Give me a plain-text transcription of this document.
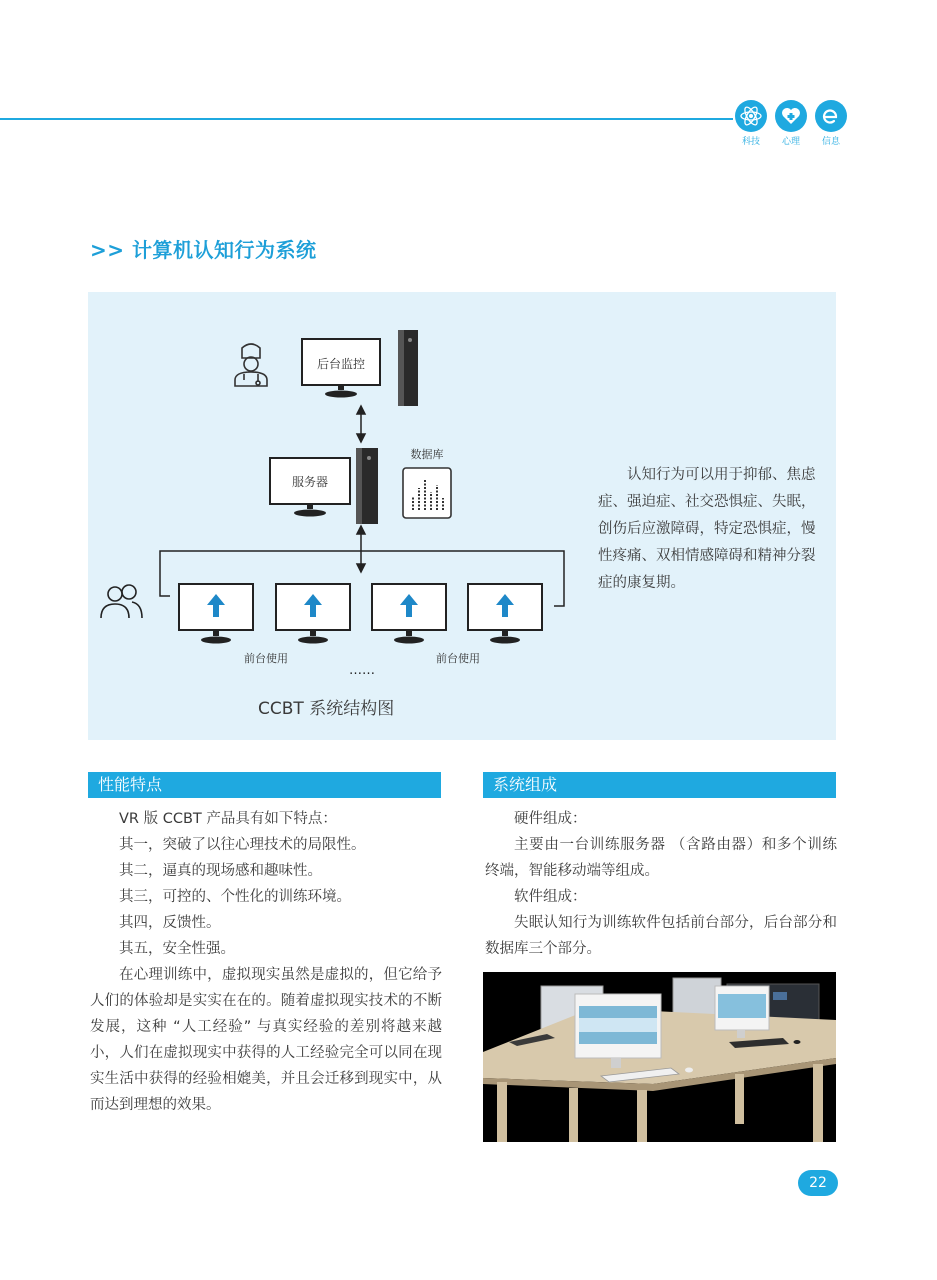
科技 心理 信息
>> 计算机认知行为系统
后台监控
服务器
数据库
前台使用	前台使用
……
CCBT 系统结构图
认知行为可以用于抑郁、焦虑症、强迫症、社交恐惧症、失眠，创伤后应激障碍，特定恐惧症，慢性疼痛、双相情感障碍和精神分裂症的康复期。
性能特点

VR 版 CCBT 产品具有如下特点：

其一，突破了以往心理技术的局限性。

其二，逼真的现场感和趣味性。

其三，可控的、个性化的训练环境。

其四，反馈性。

其五，安全性强。

在心理训练中，虚拟现实虽然是虚拟的，但它给予人们的体验却是实实在在的。随着虚拟现实技术的不断发展，这种 “人工经验” 与真实经验的差别将越来越小，人们在虚拟现实中获得的人工经验完全可以同在现实生活中获得的经验相媲美，并且会迁移到现实中，从而达到理想的效果。

系统组成

硬件组成：

主要由一台训练服务器 （含路由器）和多个训练终端，智能移动端等组成。

软件组成：

失眠认知行为训练软件包括前台部分，后台部分和数据库三个部分。

22
